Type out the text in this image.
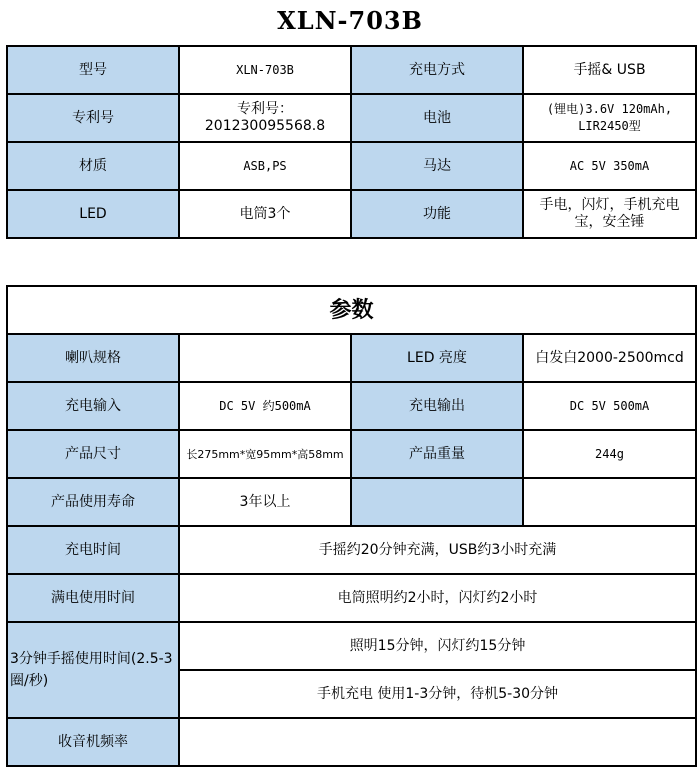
XLN-703B
型号	XLN-703B	充电方式	手摇& USB
专利号	专利号：201230095568.8	电池	(锂电)3.6V 120mAh,
LIR2450型
材质	ASB,PS	马达	AC 5V 350mA
LED	电筒3个	功能	手电，闪灯，手机充电
宝，安全锤
参数			
喇叭规格		LED 亮度	白发白2000-2500mcd
充电输入	DC 5V 约500mA	充电输出	DC 5V 500mA
产品尺寸	长275mm*宽95mm*高58mm	产品重量	244g
产品使用寿命	3年以上		
充电时间	手摇约20分钟充满，USB约3小时充满		
满电使用时间	电筒照明约2小时，闪灯约2小时		
3分钟手摇使用时间(2.5-3圈/秒)	照明15分钟，闪灯约15分钟		
	手机充电 使用1-3分钟，待机5-30分钟		
收音机频率			
